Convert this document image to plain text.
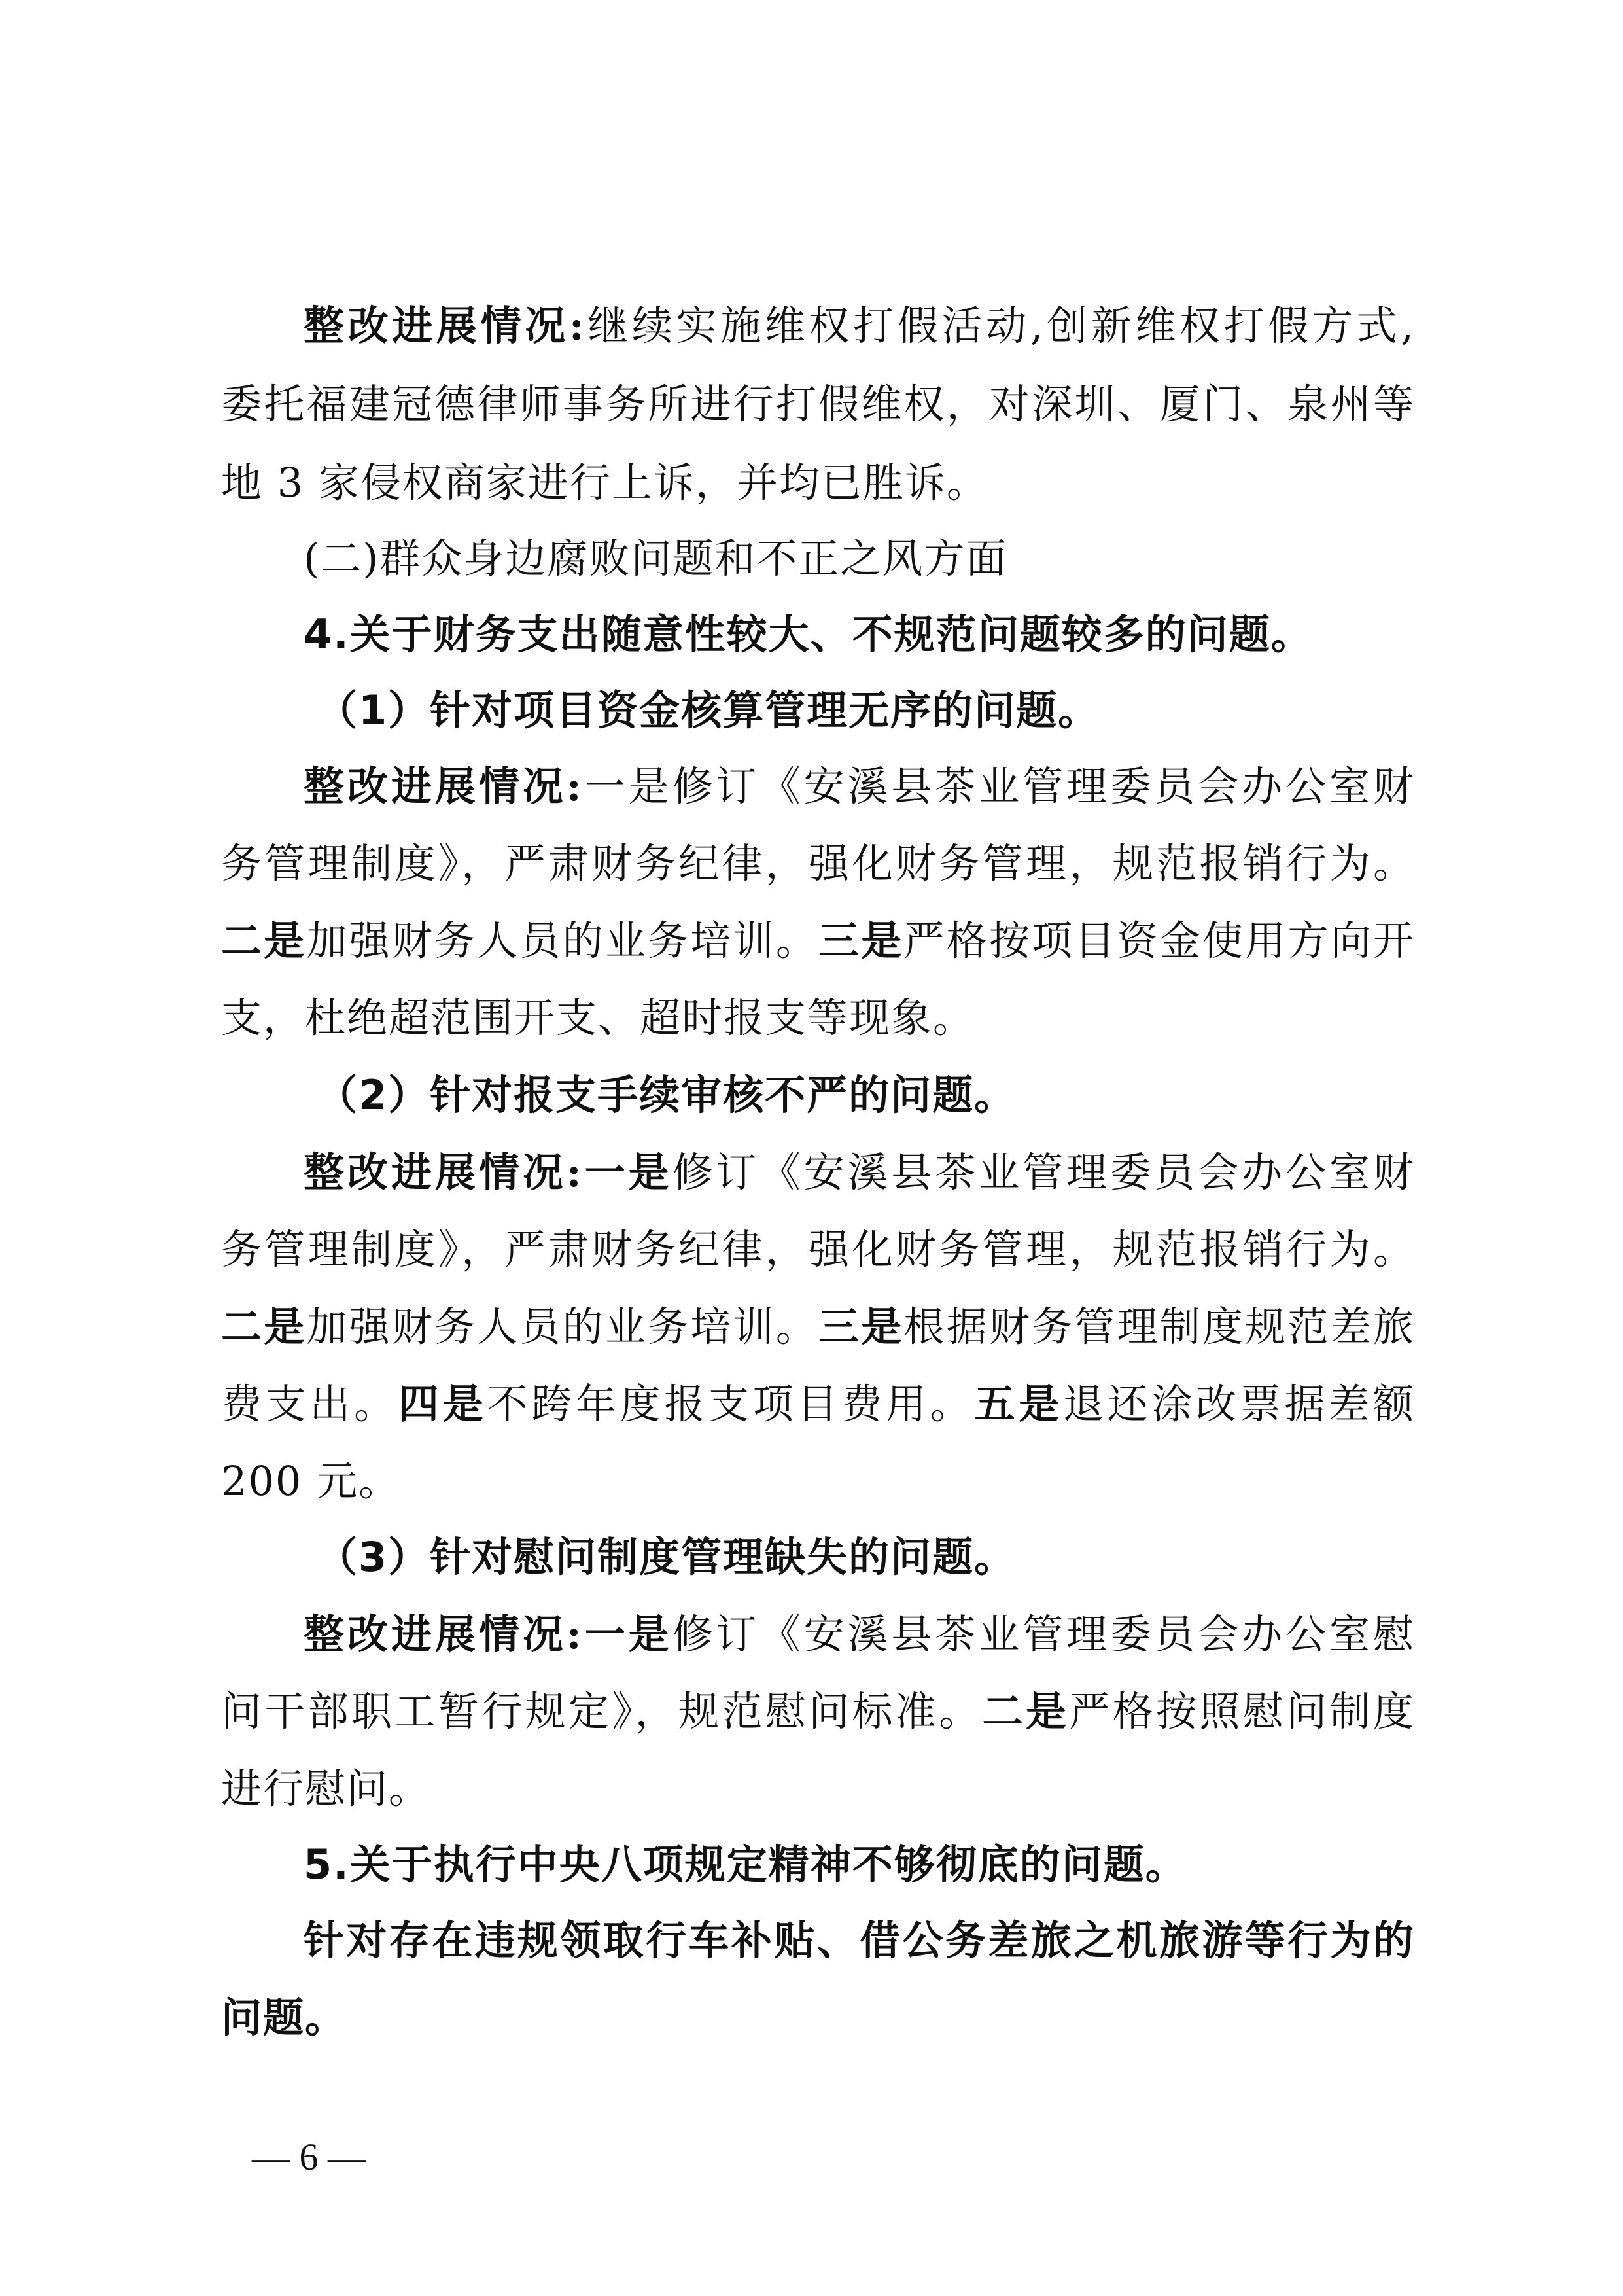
整改进展情况:继续实施维权打假活动,创新维权打假方式,
委托福建冠德律师事务所进行打假维权，对深圳、厦门、泉州等
地 3 家侵权商家进行上诉，并均已胜诉。
(二)群众身边腐败问题和不正之风方面
4.关于财务支出随意性较大、不规范问题较多的问题。
（1）针对项目资金核算管理无序的问题。
整改进展情况:一是修订《安溪县茶业管理委员会办公室财
务管理制度》，严肃财务纪律，强化财务管理，规范报销行为。
二是加强财务人员的业务培训。三是严格按项目资金使用方向开
支，杜绝超范围开支、超时报支等现象。
（2）针对报支手续审核不严的问题。
整改进展情况:一是修订《安溪县茶业管理委员会办公室财
务管理制度》，严肃财务纪律，强化财务管理，规范报销行为。
二是加强财务人员的业务培训。三是根据财务管理制度规范差旅
费支出。四是不跨年度报支项目费用。五是退还涂改票据差额
200 元。
（3）针对慰问制度管理缺失的问题。
整改进展情况:一是修订《安溪县茶业管理委员会办公室慰
问干部职工暂行规定》，规范慰问标准。二是严格按照慰问制度
进行慰问。
5.关于执行中央八项规定精神不够彻底的问题。
针对存在违规领取行车补贴、借公务差旅之机旅游等行为的
问题。
— 6 —
